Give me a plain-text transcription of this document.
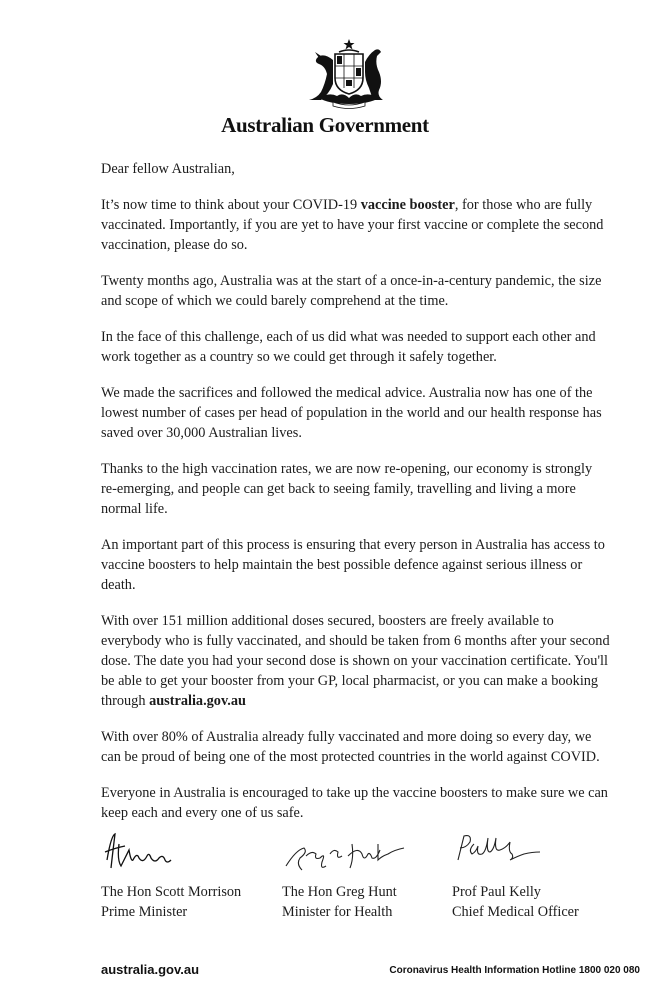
Australian Government

Dear fellow Australian,

It’s now time to think about your COVID-19 vaccine booster, for those who are fully vaccinated. Importantly, if you are yet to have your first vaccine or complete the second vaccination, please do so.

Twenty months ago, Australia was at the start of a once-in-a-century pandemic, the size and scope of which we could barely comprehend at the time.

In the face of this challenge, each of us did what was needed to support each other and work together as a country so we could get through it safely together.

We made the sacrifices and followed the medical advice. Australia now has one of the lowest number of cases per head of population in the world and our health response has saved over 30,000 Australian lives.

Thanks to the high vaccination rates, we are now re-opening, our economy is strongly re-emerging, and people can get back to seeing family, travelling and living a more normal life.

An important part of this process is ensuring that every person in Australia has access to vaccine boosters to help maintain the best possible defence against serious illness or death.

With over 151 million additional doses secured, boosters are freely available to everybody who is fully vaccinated, and should be taken from 6 months after your second dose. The date you had your second dose is shown on your vaccination certificate. You'll be able to get your booster from your GP, local pharmacist, or you can make a booking through australia.gov.au

With over 80% of Australia already fully vaccinated and more doing so every day, we can be proud of being one of the most protected countries in the world against COVID.

Everyone in Australia is encouraged to take up the vaccine boosters to make sure we can keep each and every one of us safe.

The Hon Scott Morrison
Prime Minister
The Hon Greg Hunt
Minister for Health
Prof Paul Kelly
Chief Medical Officer
australia.gov.au	Coronavirus Health Information Hotline 1800 020 080
